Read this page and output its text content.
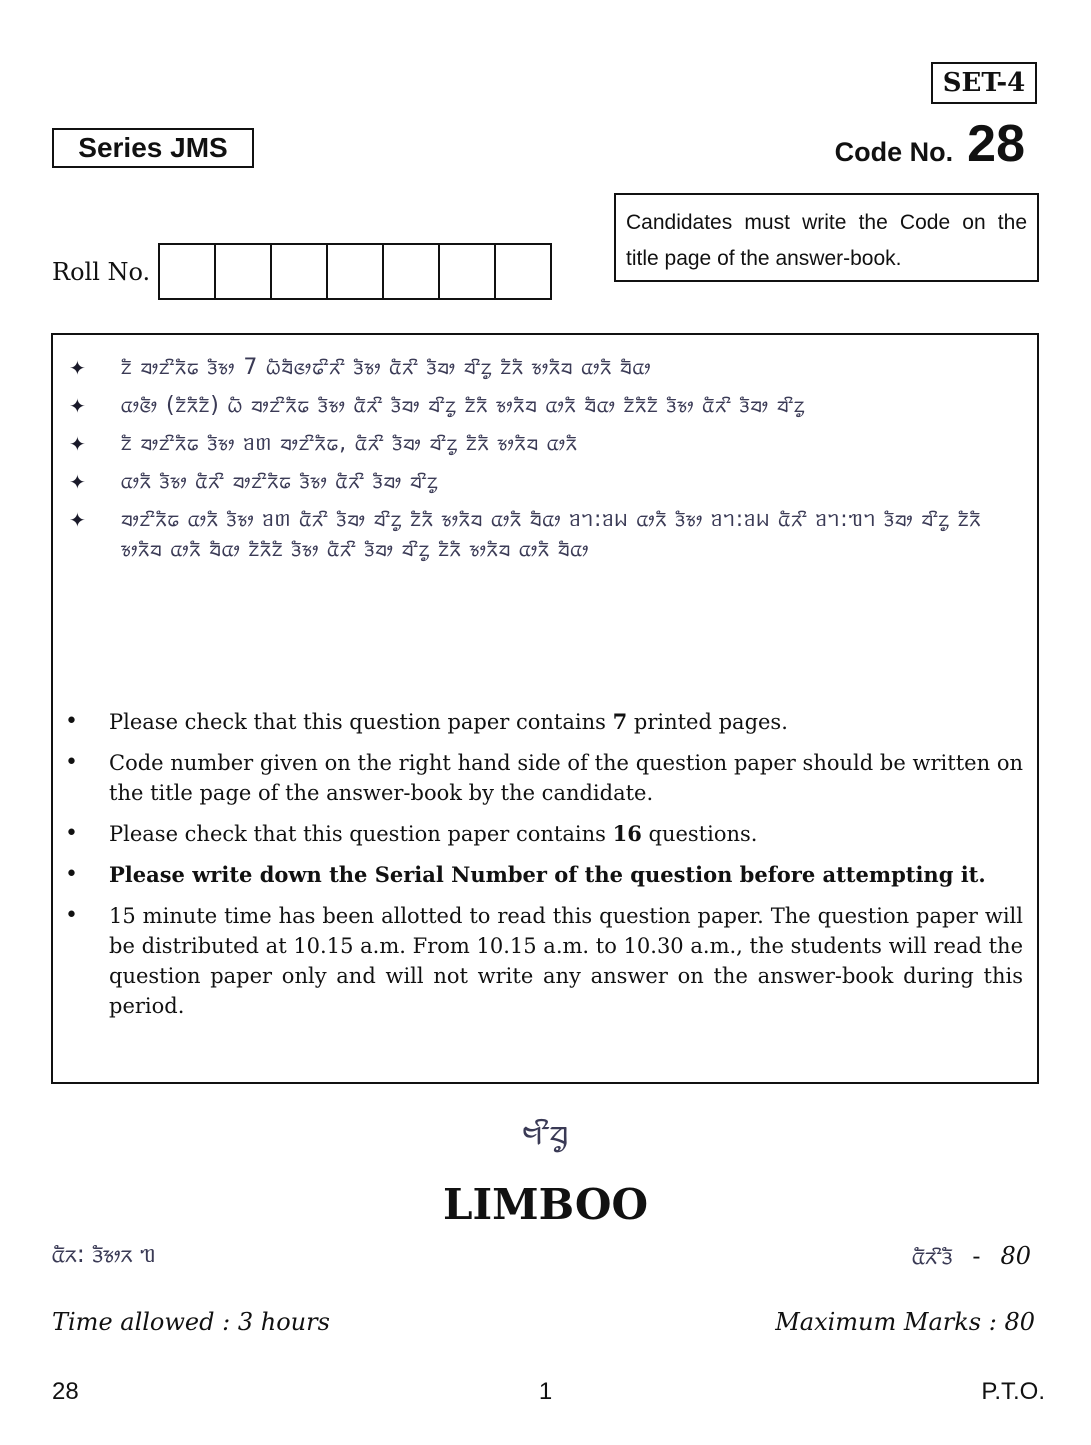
SET-4
Series JMS	Code No. 28
Candidates must write the Code on the title page of the answer-book.
Roll No.
✦	ᤁᤠ ᤔᤣᤁᤡᤖᤠᤒ ᤋᤠᤃᤣ 7 ᤐᤠᤔᤠᤜᤣᤒᤡᤖᤡ ᤋᤠᤃᤣ ᤂᤠᤖᤡ ᤋᤠᤔᤣ ᤔᤡᤁᤢ ᤁᤠᤖᤠ ᤃᤣᤖᤠᤔ ᤂᤣᤖᤠ ᤔᤠᤂᤣ
✦	ᤂᤣᤜᤠᤣ (ᤁᤠᤖᤠᤁᤠ) ᤐᤠ ᤔᤣᤁᤡᤖᤠᤒ ᤋᤠᤃᤣ ᤂᤠᤖᤡ ᤋᤠᤔᤣ ᤔᤡᤁᤢ ᤁᤠᤖᤠ ᤃᤣᤖᤠᤔ ᤂᤣᤖᤠ ᤔᤠᤂᤣ ᤁᤠᤖᤠᤁᤠ ᤋᤠᤃᤣ ᤂᤠᤖᤡ ᤋᤠᤔᤣ ᤔᤡᤁᤢ
✦	ᤁᤠ ᤔᤣᤁᤡᤖᤠᤒ ᤋᤠᤃᤣ ᥑᥖ ᤔᤣᤁᤡᤖᤠᤒ, ᤂᤠᤖᤡ ᤋᤠᤔᤣ ᤔᤡᤁᤢ ᤁᤠᤖᤠ ᤃᤣᤖᤠᤔ ᤂᤣᤖᤠ
✦	ᤂᤣᤖᤠ ᤋᤠᤃᤣ ᤂᤠᤖᤡ ᤔᤣᤁᤡᤖᤠᤒ ᤋᤠᤃᤣ ᤂᤠᤖᤡ ᤋᤠᤔᤣ ᤔᤡᤁᤢ
✦	ᤔᤣᤁᤡᤖᤠᤒ ᤂᤣᤖᤠ ᤋᤠᤃᤣ ᥑᥖ ᤂᤠᤖᤡ ᤋᤠᤔᤣ ᤔᤡᤁᤢ ᤁᤠᤖᤠ ᤃᤣᤖᤠᤔ ᤂᤣᤖᤠ ᤔᤠᤂᤣ ᥑᥐ:ᥑᥕ ᤂᤣᤖᤠ ᤋᤠᤃᤣ ᥑᥐ:ᥑᥕ ᤂᤠᤖᤡ ᥑᥐ:ᥓᥐ ᤋᤠᤔᤣ ᤔᤡᤁᤢ ᤁᤠᤖᤠ ᤃᤣᤖᤠᤔ ᤂᤣᤖᤠ ᤔᤠᤂᤣ ᤁᤠᤖᤠᤁᤠ ᤋᤠᤃᤣ ᤂᤠᤖᤡ ᤋᤠᤔᤣ ᤔᤡᤁᤢ ᤁᤠᤖᤠ ᤃᤣᤖᤠᤔ ᤂᤣᤖᤠ ᤔᤠᤂᤣ
•	Please check that this question paper contains 7 printed pages.
•	Code number given on the right hand side of the question paper should be written on the title page of the answer-book by the candidate.
•	Please check that this question paper contains 16 questions.
•	Please write down the Serial Number of the question before attempting it.
•	15 minute time has been allotted to read this question paper. The question paper will be distributed at 10.15 a.m. From 10.15 a.m. to 10.30 a.m., the students will read the question paper only and will not write any answer on the answer-book during this period.
ᤗᤡᤔᤢ
LIMBOO
ᤂᤠᤖ: ᤋᤠᤃᤣᤖ ᥓ	ᤂᤠᤖᤡᤋᤠ - 80
Time allowed : 3 hours	Maximum Marks : 80
28	1	P.T.O.
